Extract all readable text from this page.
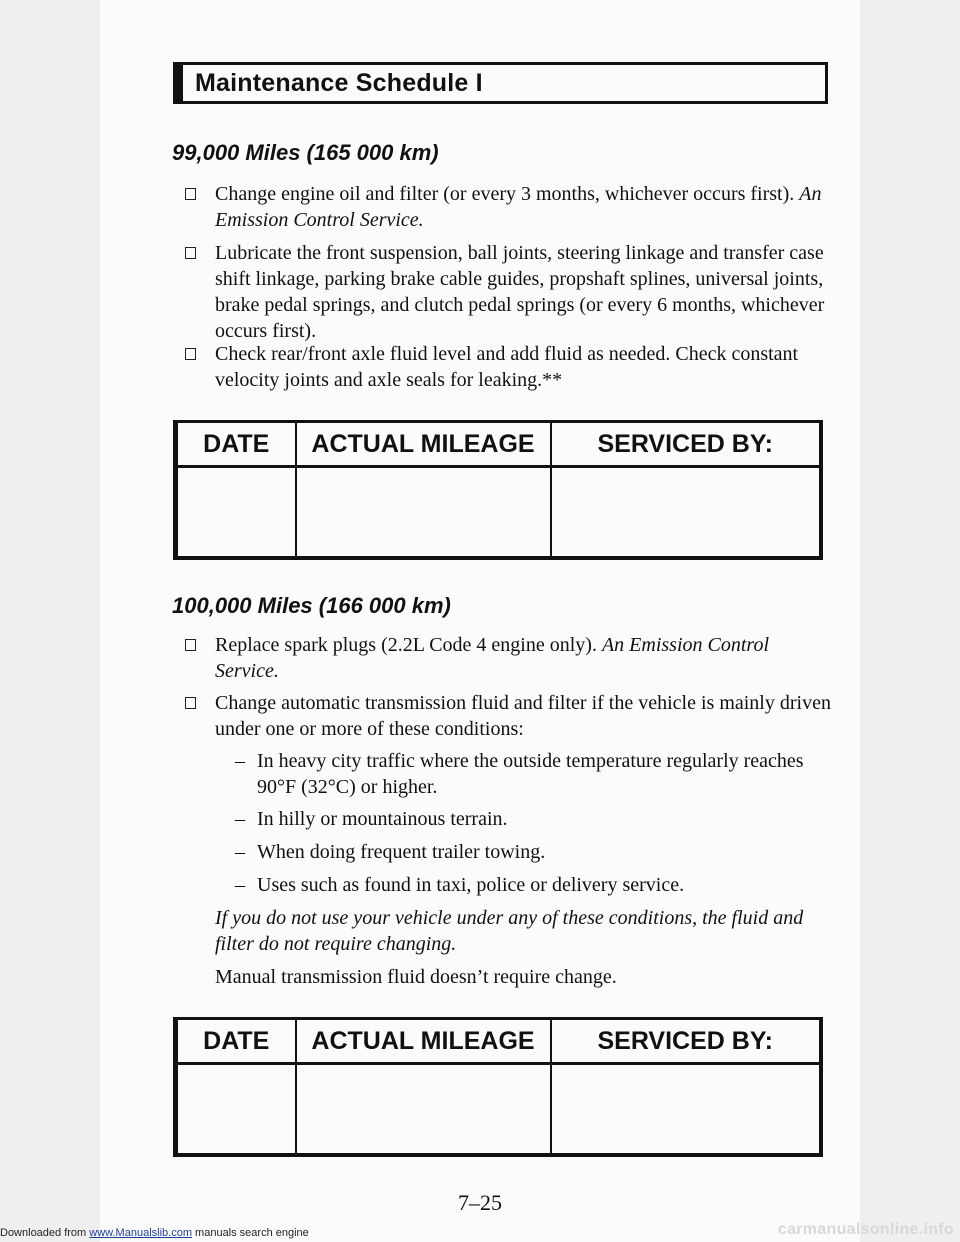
Maintenance Schedule I
99,000 Miles (165 000 km)
Change engine oil and filter (or every 3 months, whichever occurs first). An Emission Control Service.
Lubricate the front suspension, ball joints, steering linkage and transfer case shift linkage, parking brake cable guides, propshaft splines, universal joints, brake pedal springs, and clutch pedal springs (or every 6 months, whichever occurs first).
Check rear/front axle fluid level and add fluid as needed. Check constant velocity joints and axle seals for leaking.**
DATE	ACTUAL MILEAGE	SERVICED BY:

100,000 Miles (166 000 km)
Replace spark plugs (2.2L Code 4 engine only). An Emission Control Service.
Change automatic transmission fluid and filter if the vehicle is mainly driven under one or more of these conditions:
– In heavy city traffic where the outside temperature regularly reaches 90°F (32°C) or higher.
– In hilly or mountainous terrain.
– When doing frequent trailer towing.
– Uses such as found in taxi, police or delivery service.
If you do not use your vehicle under any of these conditions, the fluid and filter do not require changing.
Manual transmission fluid doesn’t require change.
DATE	ACTUAL MILEAGE	SERVICED BY:

7–25
Downloaded from www.Manualslib.com manuals search engine	carmanualsonline.info
